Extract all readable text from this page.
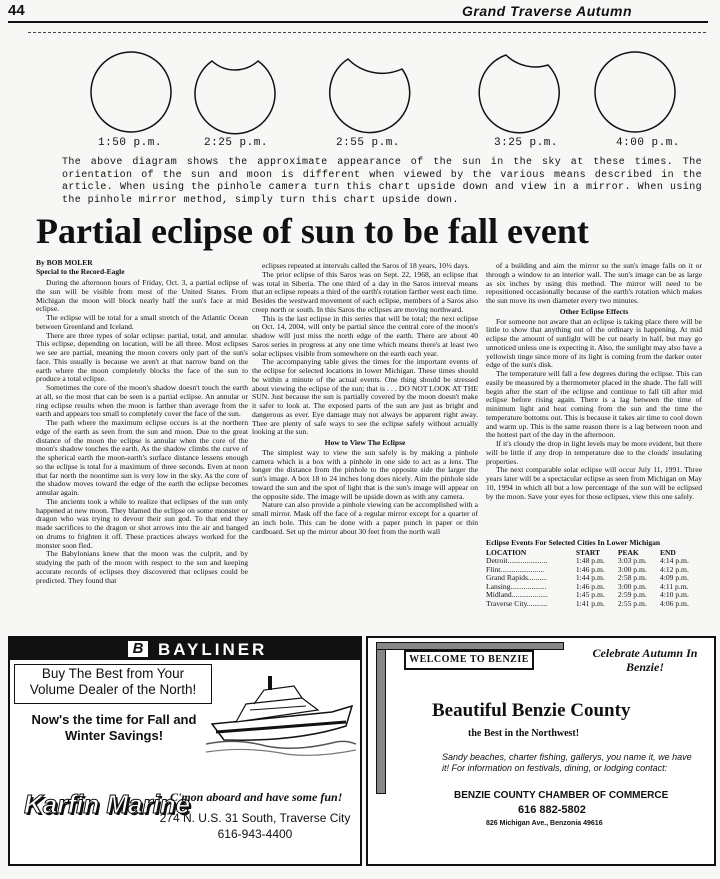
44	Grand Traverse Autumn
1:50 p.m.	2:25 p.m.	2:55 p.m.	3:25 p.m.	4:00 p.m.
The above diagram shows the approximate appearance of the sun in the sky at these times. The orientation of the sun and moon is different when viewed by the various means described in the article. When using the pinhole camera turn this chart upside down and view in a mirror. When using the pinhole mirror method, simply turn this chart upside down.
Partial eclipse of sun to be fall event
By BOB MOLER
Special to the Record-Eagle

During the afternoon hours of Friday, Oct. 3, a partial eclipse of the sun will be visible from most of the United States. From Michigan the moon will block nearly half the sun's face at mid eclipse.

The eclipse will be total for a small stretch of the Atlantic Ocean between Greenland and Iceland.

There are three types of solar eclipse: partial, total, and annular. This eclipse, depending on location, will be all three. Most eclipses we see are partial, meaning the moon covers only part of the sun's face. This usually is because we aren't at that narrow band on the earth where the moon completely blocks the face of the sun to produce a total eclipse.

Sometimes the core of the moon's shadow doesn't touch the earth at all, so the most that can be seen is a partial eclipse. An annular or ring eclipse results when the moon is farther than average from the earth and appears too small to completely cover the face of the sun.

The path where the maximum eclipse occurs is at the northern edge of the earth as seen from the sun and moon. Due to the great distance of the moon the eclipse is annular when the core of the moon's shadow touches the earth. As the shadow climbs the curve of the spherical earth the moon-earth's surface distance lessens enough so the eclipse is total for a maximum of three seconds. Even at noon that far north the noontime sun is very low in the sky. As the core of the shadow moves toward the edge of the earth the eclipse becomes annular again.

The ancients took a while to realize that eclipses of the sun only happened at new moon. They blamed the eclipse on some monster or dragon who was trying to devour their sun god. To that end they made sacrifices to the dragon or shot arrows into the air and banged on drums to frighten it off. These practices always worked for the monster soon fled.

The Babylonians knew that the moon was the culprit, and by studying the path of the moon with respect to the sun and keeping accurate records of eclipses they discovered that eclipses could be predicted. They found that

eclipses repeated at intervals called the Saros of 18 years, 10⅓ days.

The prior eclipse of this Saros was on Sept. 22, 1968, an eclipse that was total in Siberia. The one third of a day in the Saros interval means that an eclipse repeats a third of the earth's rotation farther west each time. Besides the westward movement of each eclipse, members of a Saros also creep north or south. In this Saros the eclipses are moving northward.

This is the last eclipse in this series that will be total; the next eclipse on Oct. 14, 2004, will only be partial since the central core of the moon's shadow will just miss the north edge of the earth. There are about 40 Saros series in progress at any one time which means there's at least two solar eclipses visible from somewhere on the earth each year.

The accompanying table gives the times for the important events of the eclipse for selected locations in lower Michigan. These times should be within a minute of the actual events. One thing should be stressed about viewing the eclipse of the sun; that is . . . DO NOT LOOK AT THE SUN. Just because the sun is partially covered by the moon doesn't make it safer to look at. The exposed parts of the sun are just as bright and dangerous as ever. Eye damage may not always be apparent right away. Thee are plenty of safe ways to see the eclipse safely without actually looking at the sun.

How to View The Eclipse

The simplest way to view the sun safely is by making a pinhole camera which is a box with a pinhole in one side to act as a lens. The longer the distance from the pinhole to the opposite side the larger the sun's image. A box 18 to 24 inches long does nicely. Aim the pinhole side toward the sun and the spot of light that is the sun's image will appear on the opposite side. The image will be upside down as with any camera.

Nature can also provide a pinhole viewing can be accomplished with a small mirror. Mask off the face of a regular mirror except for a quarter of an inch hole. This can be done with a paper punch in paper or thin cardboard. Set up the mirror about 30 feet from the north wall

of a building and aim the mirror so the sun's image falls on it or through a window to an interior wall. The sun's image can be as large as six inches by using this method. The mirror will need to be repositioned occasionally because of the earth's rotation which makes the sun move its own diameter every two minutes.

Other Eclipse Effects

For someone not aware that an eclipse is taking place there will be little to show that anything out of the ordinary is happening. At mid eclipse the amount of sunlight will be cut nearly in half, but may go unnoticed unless one is expecting it. Also, the sunlight may also have a yellowish tinge since more of its light is coming from the darker outer edge of the sun's disk.

The temperature will fall a few degrees during the eclipse. This can easily be measured by a thermometer placed in the shade. The fall will begin after the start of the eclipse and continue to fall till after mid eclipse before rising again. There is a lag between the time of minimum light and heat coming from the sun and the time the temperature bottoms out. This is because it takes air time to cool down and warm up. This is the same reason there is a lag between noon and the hottest part of the day in the afternoon.

If it's cloudy the drop in light levels may be more evident, but there will be little if any drop in temperature due to the clouds' insulating properties.

The next comparable solar eclipse will occur July 11, 1991. Three years later will be a spectacular eclipse as seen from Michigan on May 10, 1994 in which all but a low percentage of the sun will be eclipsed by the moon. Save your eyes for those eclipses, view this one safely.

Eclipse Events For Selected Cities In Lower Michigan
LOCATION	START	PEAK	END
Detroit.....................	1:48 p.m.	3:03 p.m.	4:14 p.m.
Flint.......................	1:46 p.m.	3:00 p.m.	4:12 p.m.
Grand Rapids..........	1:44 p.m.	2:58 p.m.	4:09 p.m.
Lansing...................	1:46 p.m.	3:00 p.m.	4:11 p.m.
Midland...................	1:45 p.m.	2:59 p.m.	4:10 p.m.
Traverse City...........	1:41 p.m.	2:55 p.m.	4:06 p.m.
B BAYLINER
Buy The Best from Your Volume Dealer of the North!
Now's the time for Fall and Winter Savings!
Karfin Marine
C'mon aboard and have some fun!
274 N. U.S. 31 South, Traverse City
616-943-4400
WELCOME TO BENZIE	Celebrate Autumn In Benzie!
Beautiful Benzie County
the Best in the Northwest!
Sandy beaches, charter fishing, gallerys, you name it, we have it! For information on festivals, dining, or lodging contact:
BENZIE COUNTY CHAMBER OF COMMERCE
616 882-5802
826 Michigan Ave., Benzonia 49616
